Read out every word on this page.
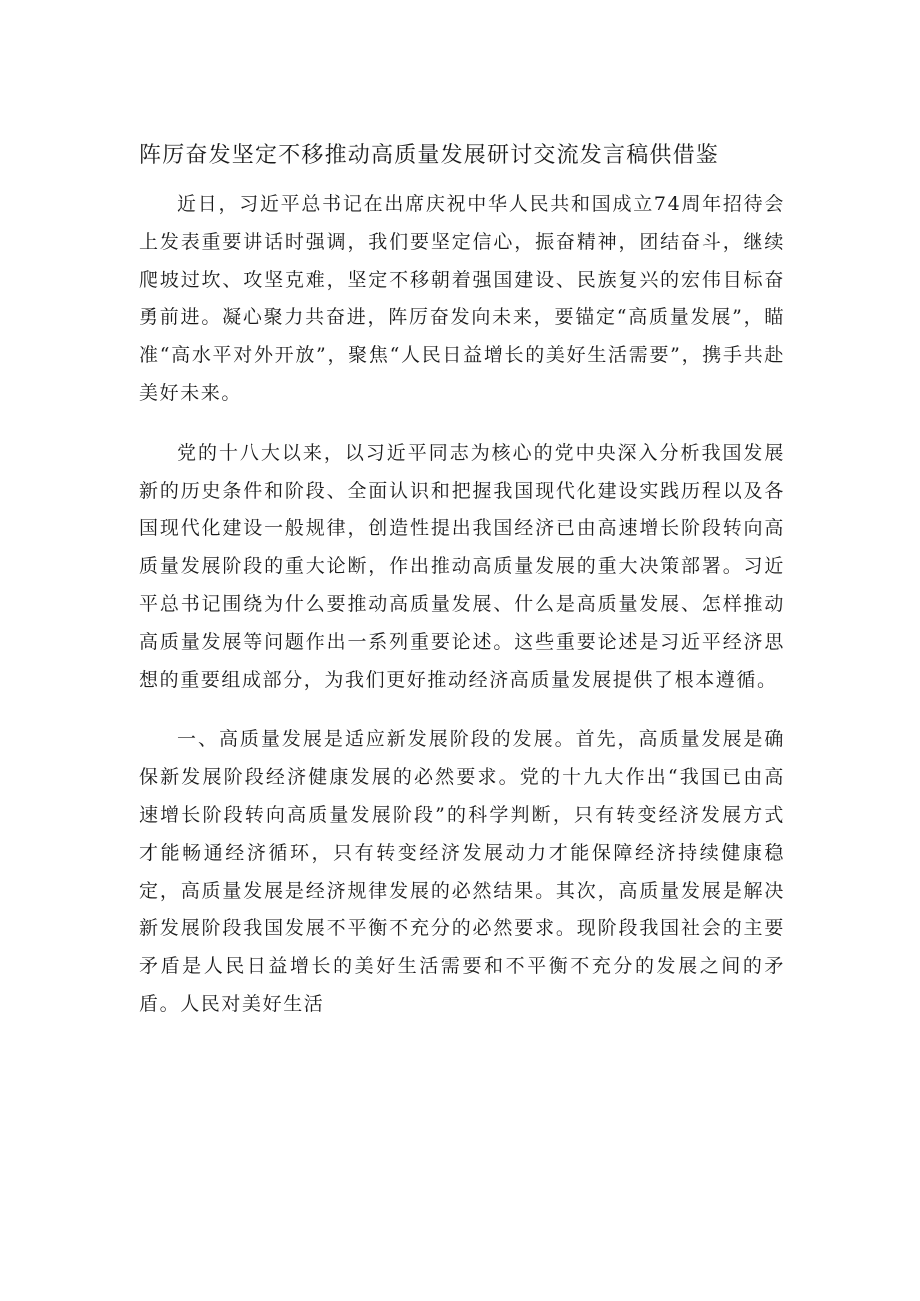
阵厉奋发坚定不移推动高质量发展研讨交流发言稿供借鉴

近日，习近平总书记在出席庆祝中华人民共和国成立74周年招待会上发表重要讲话时强调，我们要坚定信心，振奋精神，团结奋斗，继续爬坡过坎、攻坚克难，坚定不移朝着强国建设、民族复兴的宏伟目标奋勇前进。凝心聚力共奋进，阵厉奋发向未来，要锚定“高质量发展”，瞄准“高水平对外开放”，聚焦“人民日益增长的美好生活需要”，携手共赴美好未来。

党的十八大以来，以习近平同志为核心的党中央深入分析我国发展新的历史条件和阶段、全面认识和把握我国现代化建设实践历程以及各国现代化建设一般规律，创造性提出我国经济已由高速增长阶段转向高质量发展阶段的重大论断，作出推动高质量发展的重大决策部署。习近平总书记围绕为什么要推动高质量发展、什么是高质量发展、怎样推动高质量发展等问题作出一系列重要论述。这些重要论述是习近平经济思想的重要组成部分，为我们更好推动经济高质量发展提供了根本遵循。

一、高质量发展是适应新发展阶段的发展。首先，高质量发展是确保新发展阶段经济健康发展的必然要求。党的十九大作出“我国已由高速增长阶段转向高质量发展阶段”的科学判断，只有转变经济发展方式才能畅通经济循环，只有转变经济发展动力才能保障经济持续健康稳定，高质量发展是经济规律发展的必然结果。其次，高质量发展是解决新发展阶段我国发展不平衡不充分的必然要求。现阶段我国社会的主要矛盾是人民日益增长的美好生活需要和不平衡不充分的发展之间的矛盾。人民对美好生活
